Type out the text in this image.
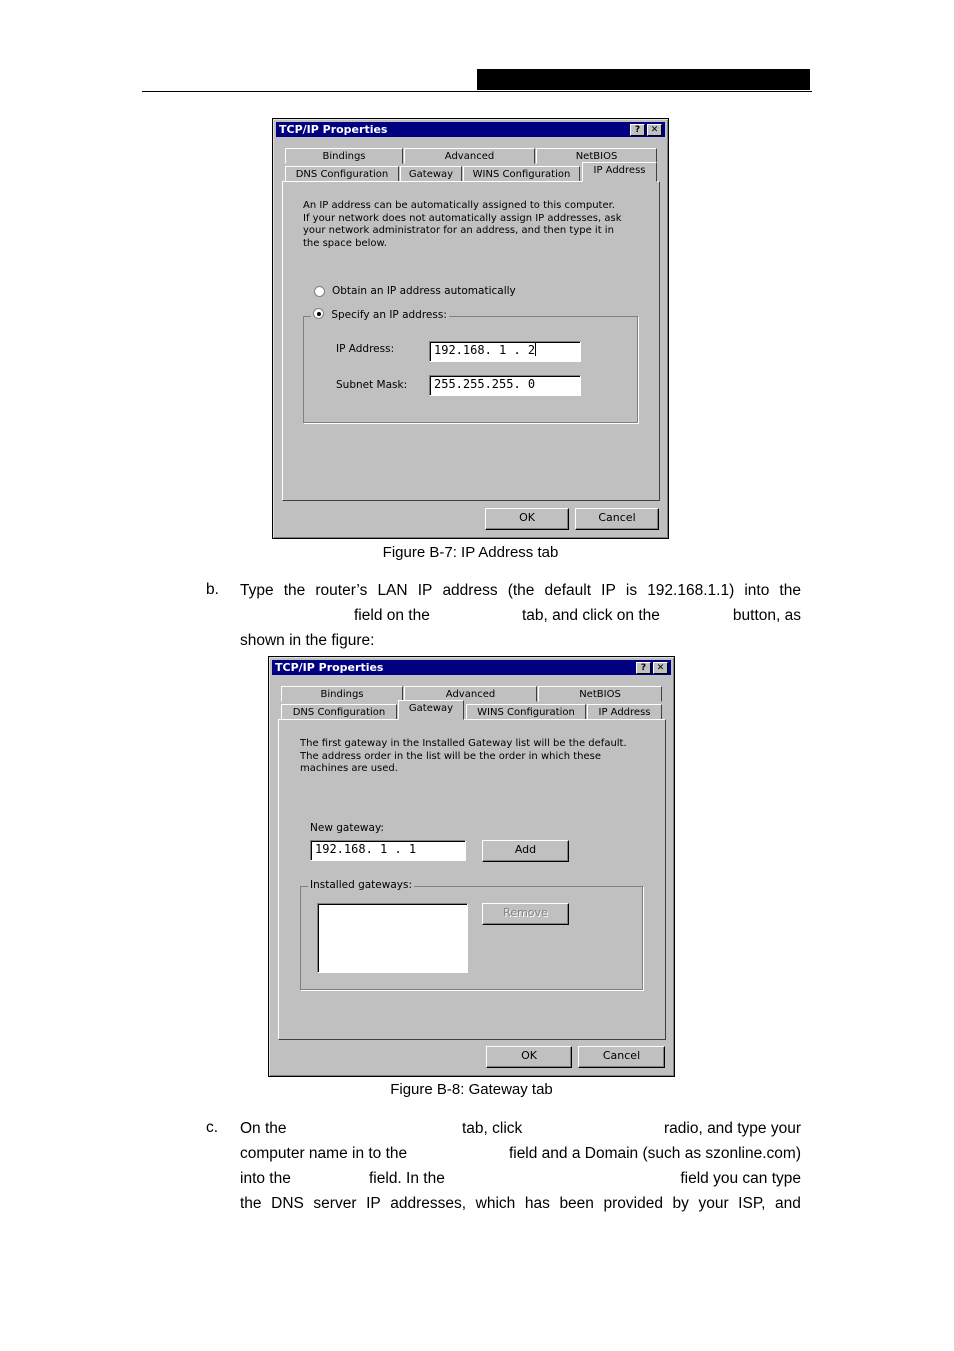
TCP/IP Properties	?	✕
Bindings	Advanced	NetBIOS
DNS Configuration	Gateway	WINS Configuration	IP Address
An IP address can be automatically assigned to this computer.
If your network does not automatically assign IP addresses, ask
your network administrator for an address, and then type it in
the space below.
Obtain an IP address automatically
Specify an IP address:
IP Address:	192.168. 1 . 2
Subnet Mask:	255.255.255. 0
OK	Cancel
Figure B-7: IP Address tab
b. Type the router’s LAN IP address (the default IP is 192.168.1.1) into the
field on the	tab, and click on the	button, as
shown in the figure:
TCP/IP Properties	?	✕
Bindings	Advanced	NetBIOS
DNS Configuration	Gateway	WINS Configuration	IP Address
The first gateway in the Installed Gateway list will be the default.
The address order in the list will be the order in which these
machines are used.
New gateway:
192.168. 1 . 1	Add
Installed gateways:
Remove
OK	Cancel
Figure B-8: Gateway tab
c. On the	tab, click	radio, and type your
computer name in to the	field and a Domain (such as szonline.com)
into the	field. In the	field you can type
the DNS server IP addresses, which has been provided by your ISP, and
